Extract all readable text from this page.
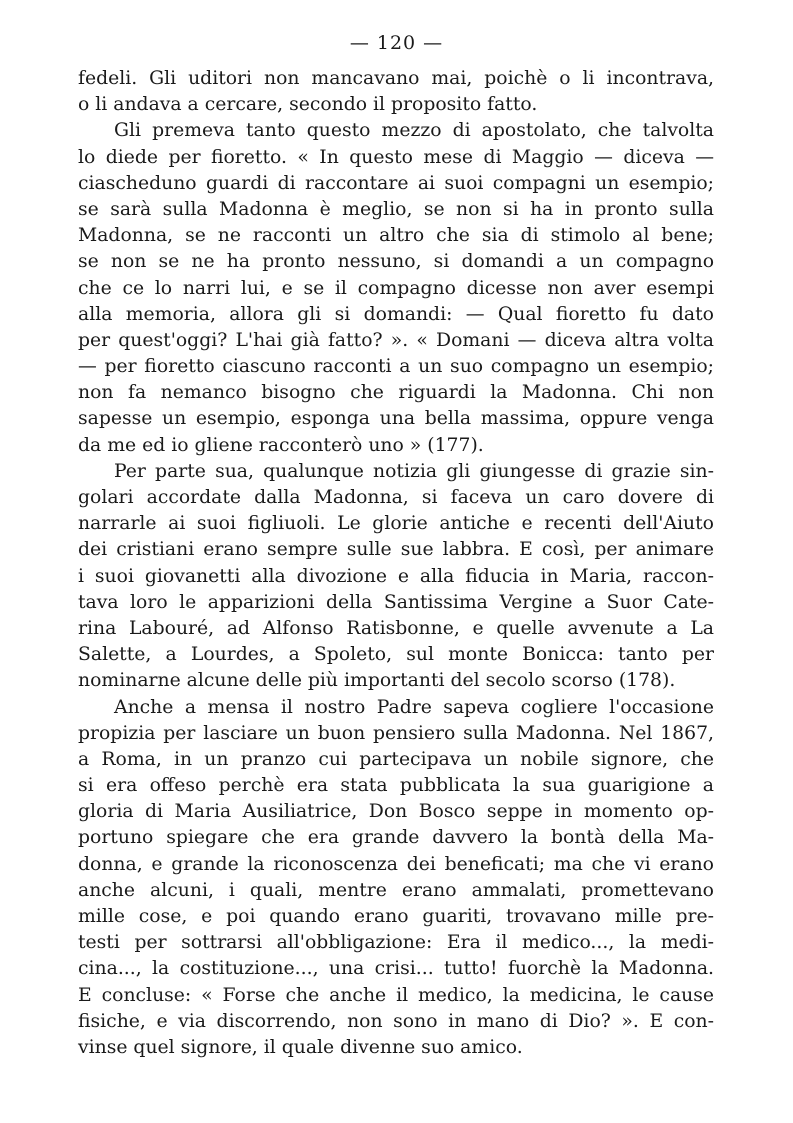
— 120 —
fedeli. Gli uditori non mancavano mai, poichè o li incontrava,
o li andava a cercare, secondo il proposito fatto.
Gli premeva tanto questo mezzo di apostolato, che talvolta
lo diede per fioretto. « In questo mese di Maggio — diceva —
ciascheduno guardi di raccontare ai suoi compagni un esempio;
se sarà sulla Madonna è meglio, se non si ha in pronto sulla
Madonna, se ne racconti un altro che sia di stimolo al bene;
se non se ne ha pronto nessuno, si domandi a un compagno
che ce lo narri lui, e se il compagno dicesse non aver esempi
alla memoria, allora gli si domandi: — Qual fioretto fu dato
per quest'oggi? L'hai già fatto? ». « Domani — diceva altra volta
— per fioretto ciascuno racconti a un suo compagno un esempio;
non fa nemanco bisogno che riguardi la Madonna. Chi non
sapesse un esempio, esponga una bella massima, oppure venga
da me ed io gliene racconterò uno » (177).
Per parte sua, qualunque notizia gli giungesse di grazie sin-
golari accordate dalla Madonna, si faceva un caro dovere di
narrarle ai suoi figliuoli. Le glorie antiche e recenti dell'Aiuto
dei cristiani erano sempre sulle sue labbra. E così, per animare
i suoi giovanetti alla divozione e alla fiducia in Maria, raccon-
tava loro le apparizioni della Santissima Vergine a Suor Cate-
rina Labouré, ad Alfonso Ratisbonne, e quelle avvenute a La
Salette, a Lourdes, a Spoleto, sul monte Bonicca: tanto per
nominarne alcune delle più importanti del secolo scorso (178).
Anche a mensa il nostro Padre sapeva cogliere l'occasione
propizia per lasciare un buon pensiero sulla Madonna. Nel 1867,
a Roma, in un pranzo cui partecipava un nobile signore, che
si era offeso perchè era stata pubblicata la sua guarigione a
gloria di Maria Ausiliatrice, Don Bosco seppe in momento op-
portuno spiegare che era grande davvero la bontà della Ma-
donna, e grande la riconoscenza dei beneficati; ma che vi erano
anche alcuni, i quali, mentre erano ammalati, promettevano
mille cose, e poi quando erano guariti, trovavano mille pre-
testi per sottrarsi all'obbligazione: Era il medico..., la medi-
cina..., la costituzione..., una crisi... tutto! fuorchè la Madonna.
E concluse: « Forse che anche il medico, la medicina, le cause
fisiche, e via discorrendo, non sono in mano di Dio? ». E con-
vinse quel signore, il quale divenne suo amico.
